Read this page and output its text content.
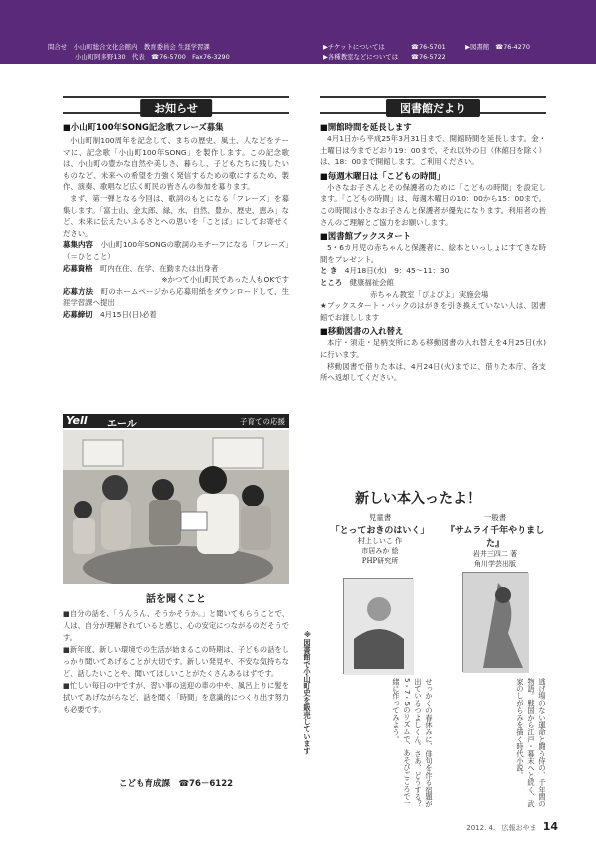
問合せ　小山町総合文化会館内　教育委員会 生涯学習課
小山町阿多野130　代表　☎76-5700　Fax76-3290
▶チケットについては	☎76-5701	▶図書館 ☎76-4270
▶各種教室などについては ☎76-5722
お知らせ
■小山町100年SONG記念歌フレーズ募集
小山町制100周年を記念して、まちの歴史、風土、人などをテーマに、記念歌「小山町100年SONG」を製作します。この記念歌は、小山町の豊かな自然や美しさ、暮らし、子どもたちに残したいものなど、未来への希望を力強く発信するための歌にするため、製作、演奏、歌唱など広く町民の皆さんの参加を募ります。
まず、第一弾となる今回は、歌詞のもとになる「フレーズ」を募集します。「富士山、金太郎、緑、水、自然、豊か、歴史、恵み」など、未来に伝えたいふるさとへの思いを「ことば」にしてお寄せください。
募集内容　 小山町100年SONGの歌詞のモチーフになる「フレーズ」（＝ひとこと）
応募資格　 町内在住、在学、在勤または出身者
※かつて小山町民であった人もOKです
応募方法　 町のホームページから応募用紙をダウンロードして、生涯学習課へ提出
応募締切　 4月15日(日)必着
Yell エール	子育ての応援
話を聞くこと
■自分の話を、「うんうん、そうかそうか。」と聞いてもらうことで、人は、自分が理解されていると感じ、心の安定につながるのだそうです。
■新年度、新しい環境での生活が始まるこの時期は、子どもの話をしっかり聞いてあげることが大切です。新しい発見や、不安な気持ちなど、話したいことや、聞いてほしいことがたくさんあるはずです。
■忙しい毎日の中ですが、習い事の送迎の車の中や、風呂上りに髪を拭いてあげながらなど、話を聞く「時間」を意識的につくり出す努力も必要です。
こども育成課　☎76－6122
図書館だより
■開館時間を延長します
4月1日から平成25年3月31日まで、開館時間を延長します。金・土曜日は今までどおり19：00まで、それ以外の日（休館日を除く）は、18：00まで開館します。ご利用ください。
■毎週木曜日は「こどもの時間」
小さなお子さんとその保護者のために「こどもの時間」を設定します。「こどもの時間」は、毎週木曜日の10：00から15：00まで。この時間は小さなお子さんと保護者が優先になります。利用者の皆さんのご理解とご協力をお願いします。
■図書館ブックスタート
5・6カ月児の赤ちゃんと保護者に、絵本といっしょにすてきな時間をプレゼント。
と き　 4月18日(水)　9：45～11：30
ところ　 健康福祉会館
赤ちゃん教室「ぴよぴよ」実施会場
★ブックスタート・パックのはがきを引き換えていない人は、図書館でお渡しします
■移動図書の入れ替え
本庁・須走・足柄支所にある移動図書の入れ替えを4月25日(水)に行います。
移動図書で借りた本は、4月24日(火)までに、借りた本庁、各支所へ返却してください。
新しい本入ったよ！
児童書
「とっておきのはいく」
村上しいこ 作
市居みか 絵
PHP研究所
一般書
『サムライ千年やりました』
岩井三四二 著
角川学芸出版
※図書館で小山町史を販売しています	せっかくの春休みに、俳句を作る宿題が出ているつよしくん。さあ、どうする？　5・7・5のリズムで、あそびごころで一緒に作ってみよう。	逃げ場のない運命と闘う侍の、千年間の物語。戦国から江戸・幕末へと続く、武家のしがらみを描く時代小説。
2012. 4. 広報おやま 14
